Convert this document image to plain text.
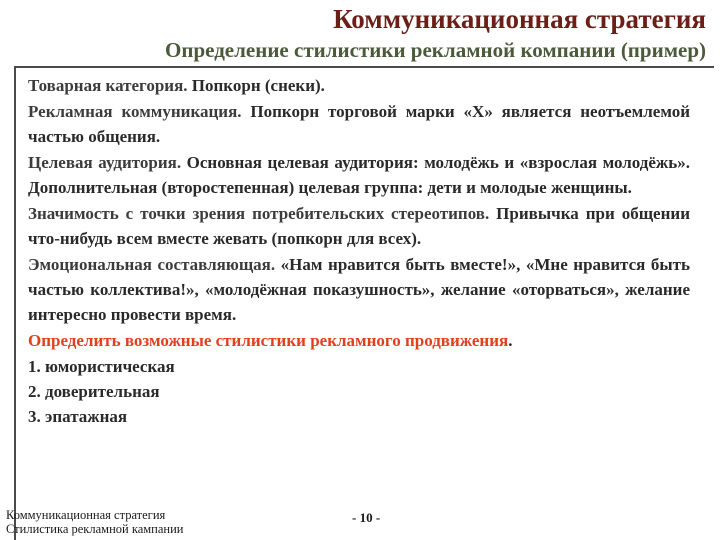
Коммуникационная стратегия
Определение стилистики рекламной компании (пример)

Товарная категория. Попкорн (снеки).

Рекламная коммуникация. Попкорн торговой марки «Х» является неотъемлемой частью общения.

Целевая аудитория. Основная целевая аудитория: молодёжь и «взрослая молодёжь». Дополнительная (второстепенная) целевая группа: дети и молодые женщины.

Значимость с точки зрения потребительских стереотипов. Привычка при общении что-нибудь всем вместе жевать (попкорн для всех).

Эмоциональная составляющая. «Нам нравится быть вместе!», «Мне нравится быть частью коллектива!», «молодёжная показушность», желание «оторваться», желание интересно провести время.

Определить возможные стилистики рекламного продвижения.

1. юмористическая

2. доверительная

3. эпатажная

Коммуникационная стратегия
Стилистика рекламной кампании
- 10 -
